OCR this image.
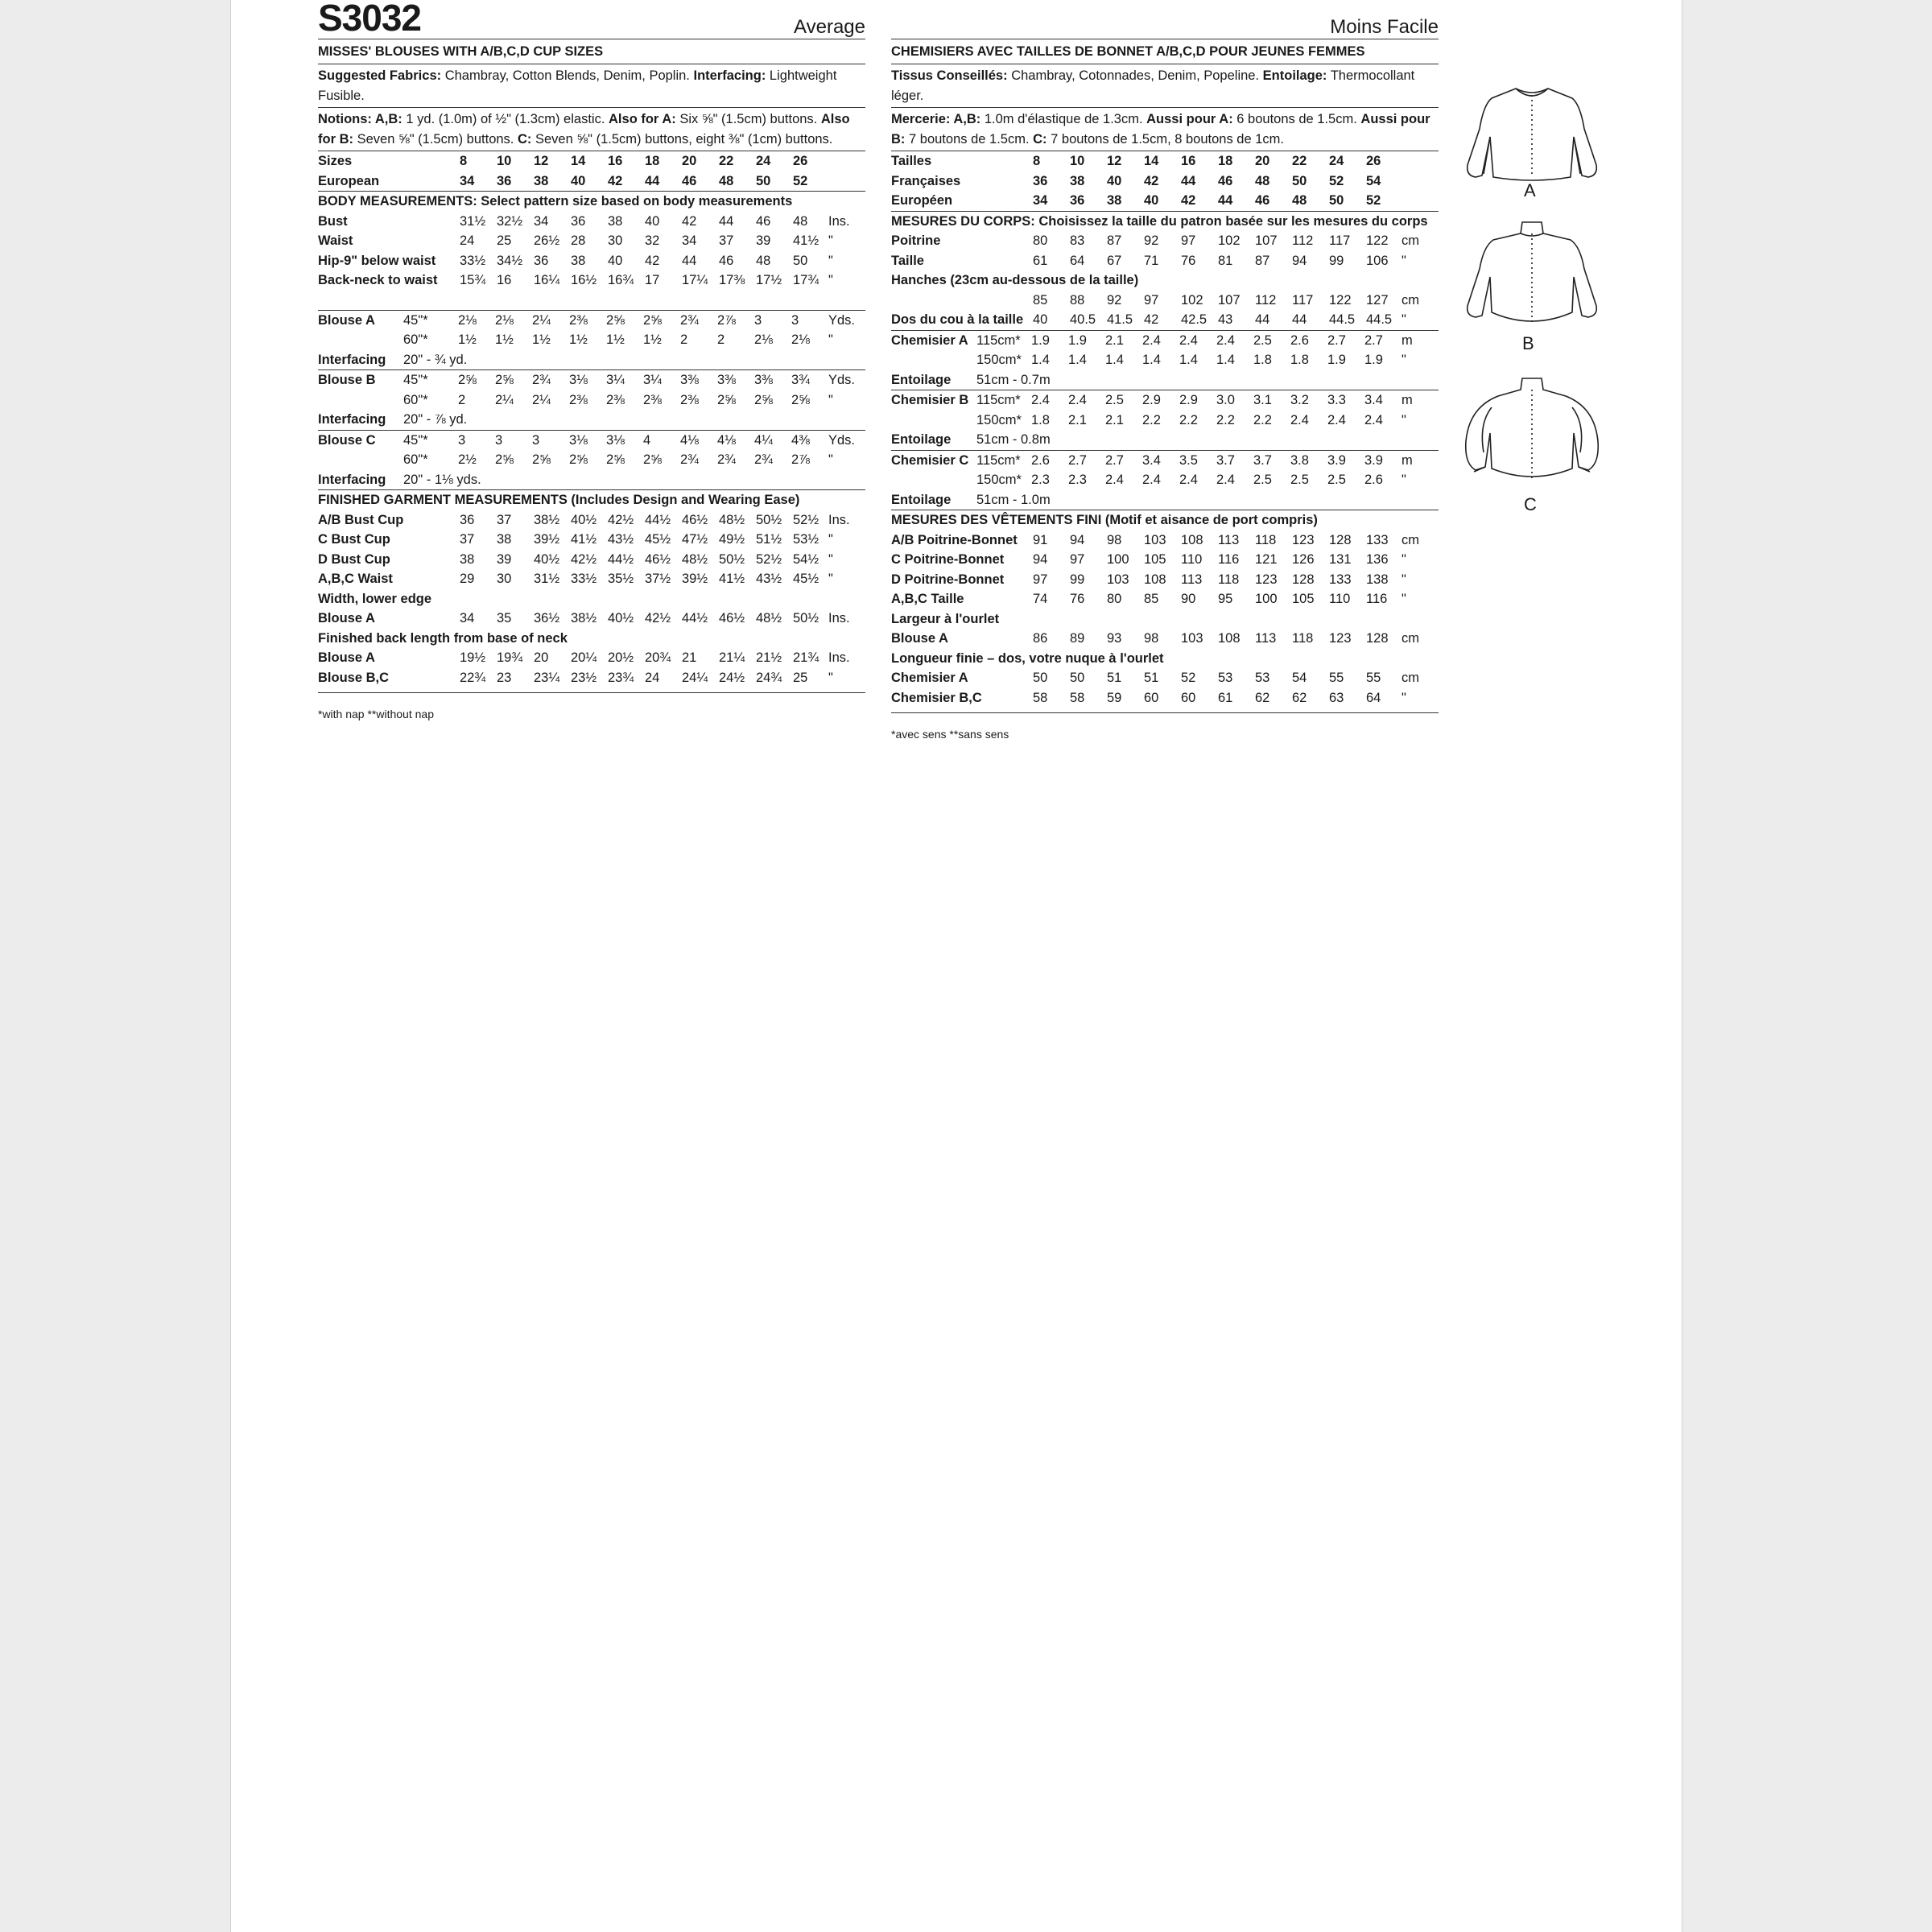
S3032	Average
MISSES' BLOUSES WITH A/B,C,D CUP SIZES
Suggested Fabrics: Chambray, Cotton Blends, Denim, Poplin. Interfacing: Lightweight Fusible.
Notions: A,B: 1 yd. (1.0m) of ½" (1.3cm) elastic. Also for A: Six ⅝" (1.5cm) buttons. Also for B: Seven ⅝" (1.5cm) buttons. C: Seven ⅝" (1.5cm) buttons, eight ⅜" (1cm) buttons.
Sizes	8 10 12 14 16 18 20 22 24 26
European	34 36 38 40 42 44 46 48 50 52
BODY MEASUREMENTS: Select pattern size based on body measurements
Bust	31½ 32½ 34 36 38 40 42 44 46 48 Ins.
Waist	24 25 26½ 28 30 32 34 37 39 41½ "
Hip-9" below waist 33½ 34½ 36 38 40 42 44 46 48 50 "
Back-neck to waist 15¾ 16 16¼ 16½ 16¾ 17 17¼ 17⅜ 17½ 17¾ "
Blouse A 45"* 2⅛ 2⅛ 2¼ 2⅜ 2⅝ 2⅝ 2¾ 2⅞ 3 3 Yds.
60"* 1½ 1½ 1½ 1½ 1½ 1½ 2 2 2⅛ 2⅛ "
Interfacing 20" - ¾ yd.
Blouse B 45"* 2⅝ 2⅝ 2¾ 3⅛ 3¼ 3¼ 3⅜ 3⅜ 3⅜ 3¾ Yds.
60"* 2 2¼ 2¼ 2⅜ 2⅜ 2⅜ 2⅜ 2⅝ 2⅝ 2⅝ "
Interfacing 20" - ⅞ yd.
Blouse C 45"* 3 3 3 3⅛ 3⅛ 4 4⅛ 4⅛ 4¼ 4⅜ Yds.
60"* 2½ 2⅝ 2⅝ 2⅝ 2⅝ 2⅝ 2¾ 2¾ 2¾ 2⅞ "
Interfacing 20" - 1⅛ yds.
FINISHED GARMENT MEASUREMENTS (Includes Design and Wearing Ease)
A/B Bust Cup	36 37 38½ 40½ 42½ 44½ 46½ 48½ 50½ 52½ Ins.
C Bust Cup	37 38 39½ 41½ 43½ 45½ 47½ 49½ 51½ 53½ "
D Bust Cup	38 39 40½ 42½ 44½ 46½ 48½ 50½ 52½ 54½ "
A,B,C Waist	29 30 31½ 33½ 35½ 37½ 39½ 41½ 43½ 45½ "
Width, lower edge
Blouse A	34 35 36½ 38½ 40½ 42½ 44½ 46½ 48½ 50½ Ins.
Finished back length from base of neck
Blouse A	19½ 19¾ 20 20¼ 20½ 20¾ 21 21¼ 21½ 21¾ Ins.
Blouse B,C	22¾ 23 23¼ 23½ 23¾ 24 24¼ 24½ 24¾ 25 "
*with nap **without nap
Moins Facile
CHEMISIERS AVEC TAILLES DE BONNET A/B,C,D POUR JEUNES FEMMES
Tissus Conseillés: Chambray, Cotonnades, Denim, Popeline. Entoilage: Thermocollant léger.
Mercerie: A,B: 1.0m d'élastique de 1.3cm. Aussi pour A: 6 boutons de 1.5cm. Aussi pour B: 7 boutons de 1.5cm. C: 7 boutons de 1.5cm, 8 boutons de 1cm.
Tailles	8 10 12 14 16 18 20 22 24 26
Françaises	36 38 40 42 44 46 48 50 52 54
Européen	34 36 38 40 42 44 46 48 50 52
MESURES DU CORPS: Choisissez la taille du patron basée sur les mesures du corps
Poitrine	80 83 87 92 97 102 107 112 117 122 cm
Taille	61 64 67 71 76 81 87 94 99 106 "
Hanches (23cm au-dessous de la taille)
85 88 92 97 102 107 112 117 122 127 cm
Dos du cou à la taille 40 40.5 41.5 42 42.5 43 44 44 44.5 44.5 "
Chemisier A 115cm* 1.9 1.9 2.1 2.4 2.4 2.4 2.5 2.6 2.7 2.7 m
150cm* 1.4 1.4 1.4 1.4 1.4 1.4 1.8 1.8 1.9 1.9 "
Entoilage 51cm - 0.7m
Chemisier B 115cm* 2.4 2.4 2.5 2.9 2.9 3.0 3.1 3.2 3.3 3.4 m
150cm* 1.8 2.1 2.1 2.2 2.2 2.2 2.2 2.4 2.4 2.4 "
Entoilage 51cm - 0.8m
Chemisier C 115cm* 2.6 2.7 2.7 3.4 3.5 3.7 3.7 3.8 3.9 3.9 m
150cm* 2.3 2.3 2.4 2.4 2.4 2.4 2.5 2.5 2.5 2.6 "
Entoilage 51cm - 1.0m
MESURES DES VÊTEMENTS FINI (Motif et aisance de port compris)
A/B Poitrine-Bonnet 91 94 98 103 108 113 118 123 128 133 cm
C Poitrine-Bonnet 94 97 100 105 110 116 121 126 131 136 "
D Poitrine-Bonnet 97 99 103 108 113 118 123 128 133 138 "
A,B,C Taille	74 76 80 85 90 95 100 105 110 116 "
Largeur à l'ourlet
Blouse A	86 89 93 98 103 108 113 118 123 128 cm
Longueur finie – dos, votre nuque à l'ourlet
Chemisier A	50 50 51 51 52 53 53 54 55 55 cm
Chemisier B,C	58 58 59 60 60 61 62 62 63 64 "
*avec sens **sans sens
A
B
C
